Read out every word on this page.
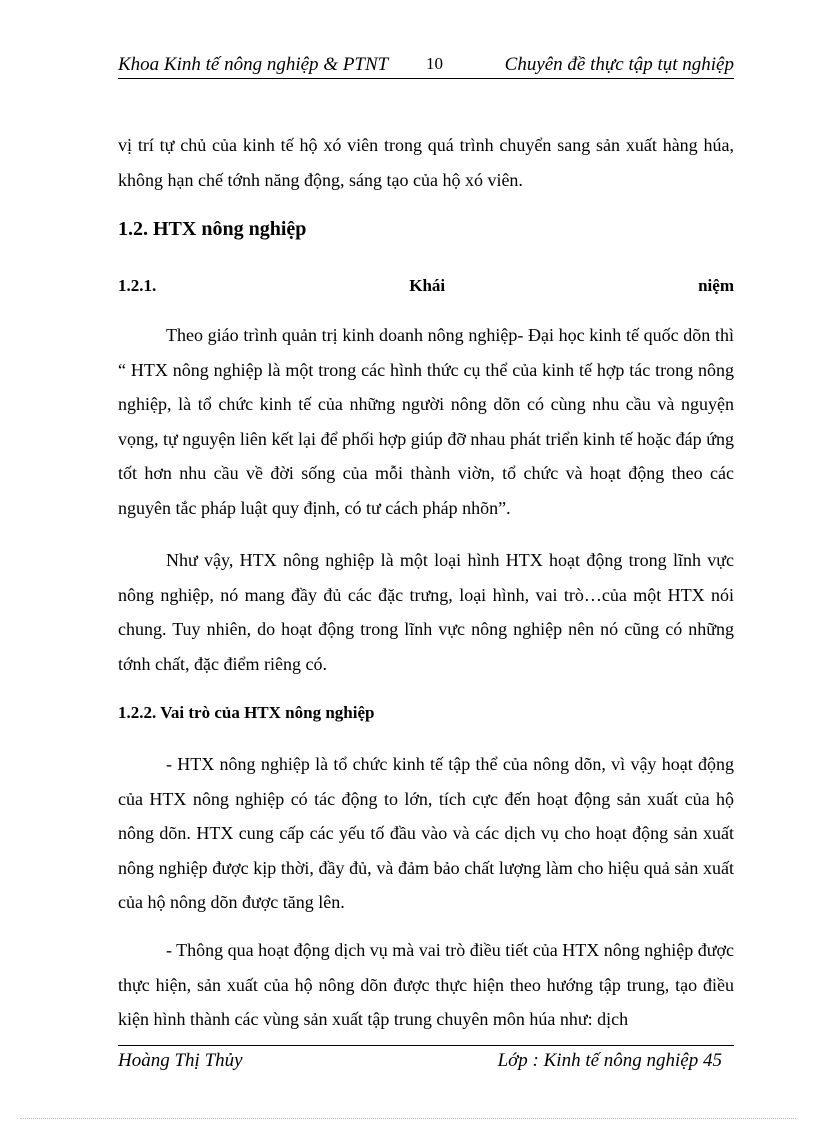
Khoa Kinh tế nông nghiệp & PTNT 10	Chuyên đề thực tập tụt nghiệp

vị trí tự chủ của kinh tế hộ xó viên trong quá trình chuyển sang sản xuất hàng húa, không hạn chế tớnh năng động, sáng tạo của hộ xó viên.

1.2. HTX nông nghiệp
1.2.1.	Khái	niệm

Theo giáo trình quản trị kinh doanh nông nghiệp- Đại học kinh tế quốc dõn thì “ HTX nông nghiệp là một trong các hình thức cụ thể của kinh tế hợp tác trong nông nghiệp, là tổ chức kinh tế của những người nông dõn có cùng nhu cầu và nguyện vọng, tự nguyện liên kết lại để phối hợp giúp đỡ nhau phát triển kinh tế hoặc đáp ứng tốt hơn nhu cầu về đời sống của mỗi thành viờn, tổ chức và hoạt động theo các nguyên tắc pháp luật quy định, có tư cách pháp nhõn”.

Như vậy, HTX nông nghiệp là một loại hình HTX hoạt động trong lĩnh vực nông nghiệp, nó mang đầy đủ các đặc trưng, loại hình, vai trò…của một HTX nói chung. Tuy nhiên, do hoạt động trong lĩnh vực nông nghiệp nên nó cũng có những tớnh chất, đặc điểm riêng có.

1.2.2. Vai trò của HTX nông nghiệp

- HTX nông nghiệp là tổ chức kinh tế tập thể của nông dõn, vì vậy hoạt động của HTX nông nghiệp có tác động to lớn, tích cực đến hoạt động sản xuất của hộ nông dõn. HTX cung cấp các yếu tố đầu vào và các dịch vụ cho hoạt động sản xuất nông nghiệp được kịp thời, đầy đủ, và đảm bảo chất lượng làm cho hiệu quả sản xuất của hộ nông dõn được tăng lên.

- Thông qua hoạt động dịch vụ mà vai trò điều tiết của HTX nông nghiệp được thực hiện, sản xuất của hộ nông dõn được thực hiện theo hướng tập trung, tạo điều kiện hình thành các vùng sản xuất tập trung chuyên môn húa như: dịch

Hoàng Thị Thủy	Lớp : Kinh tế nông nghiệp 45
